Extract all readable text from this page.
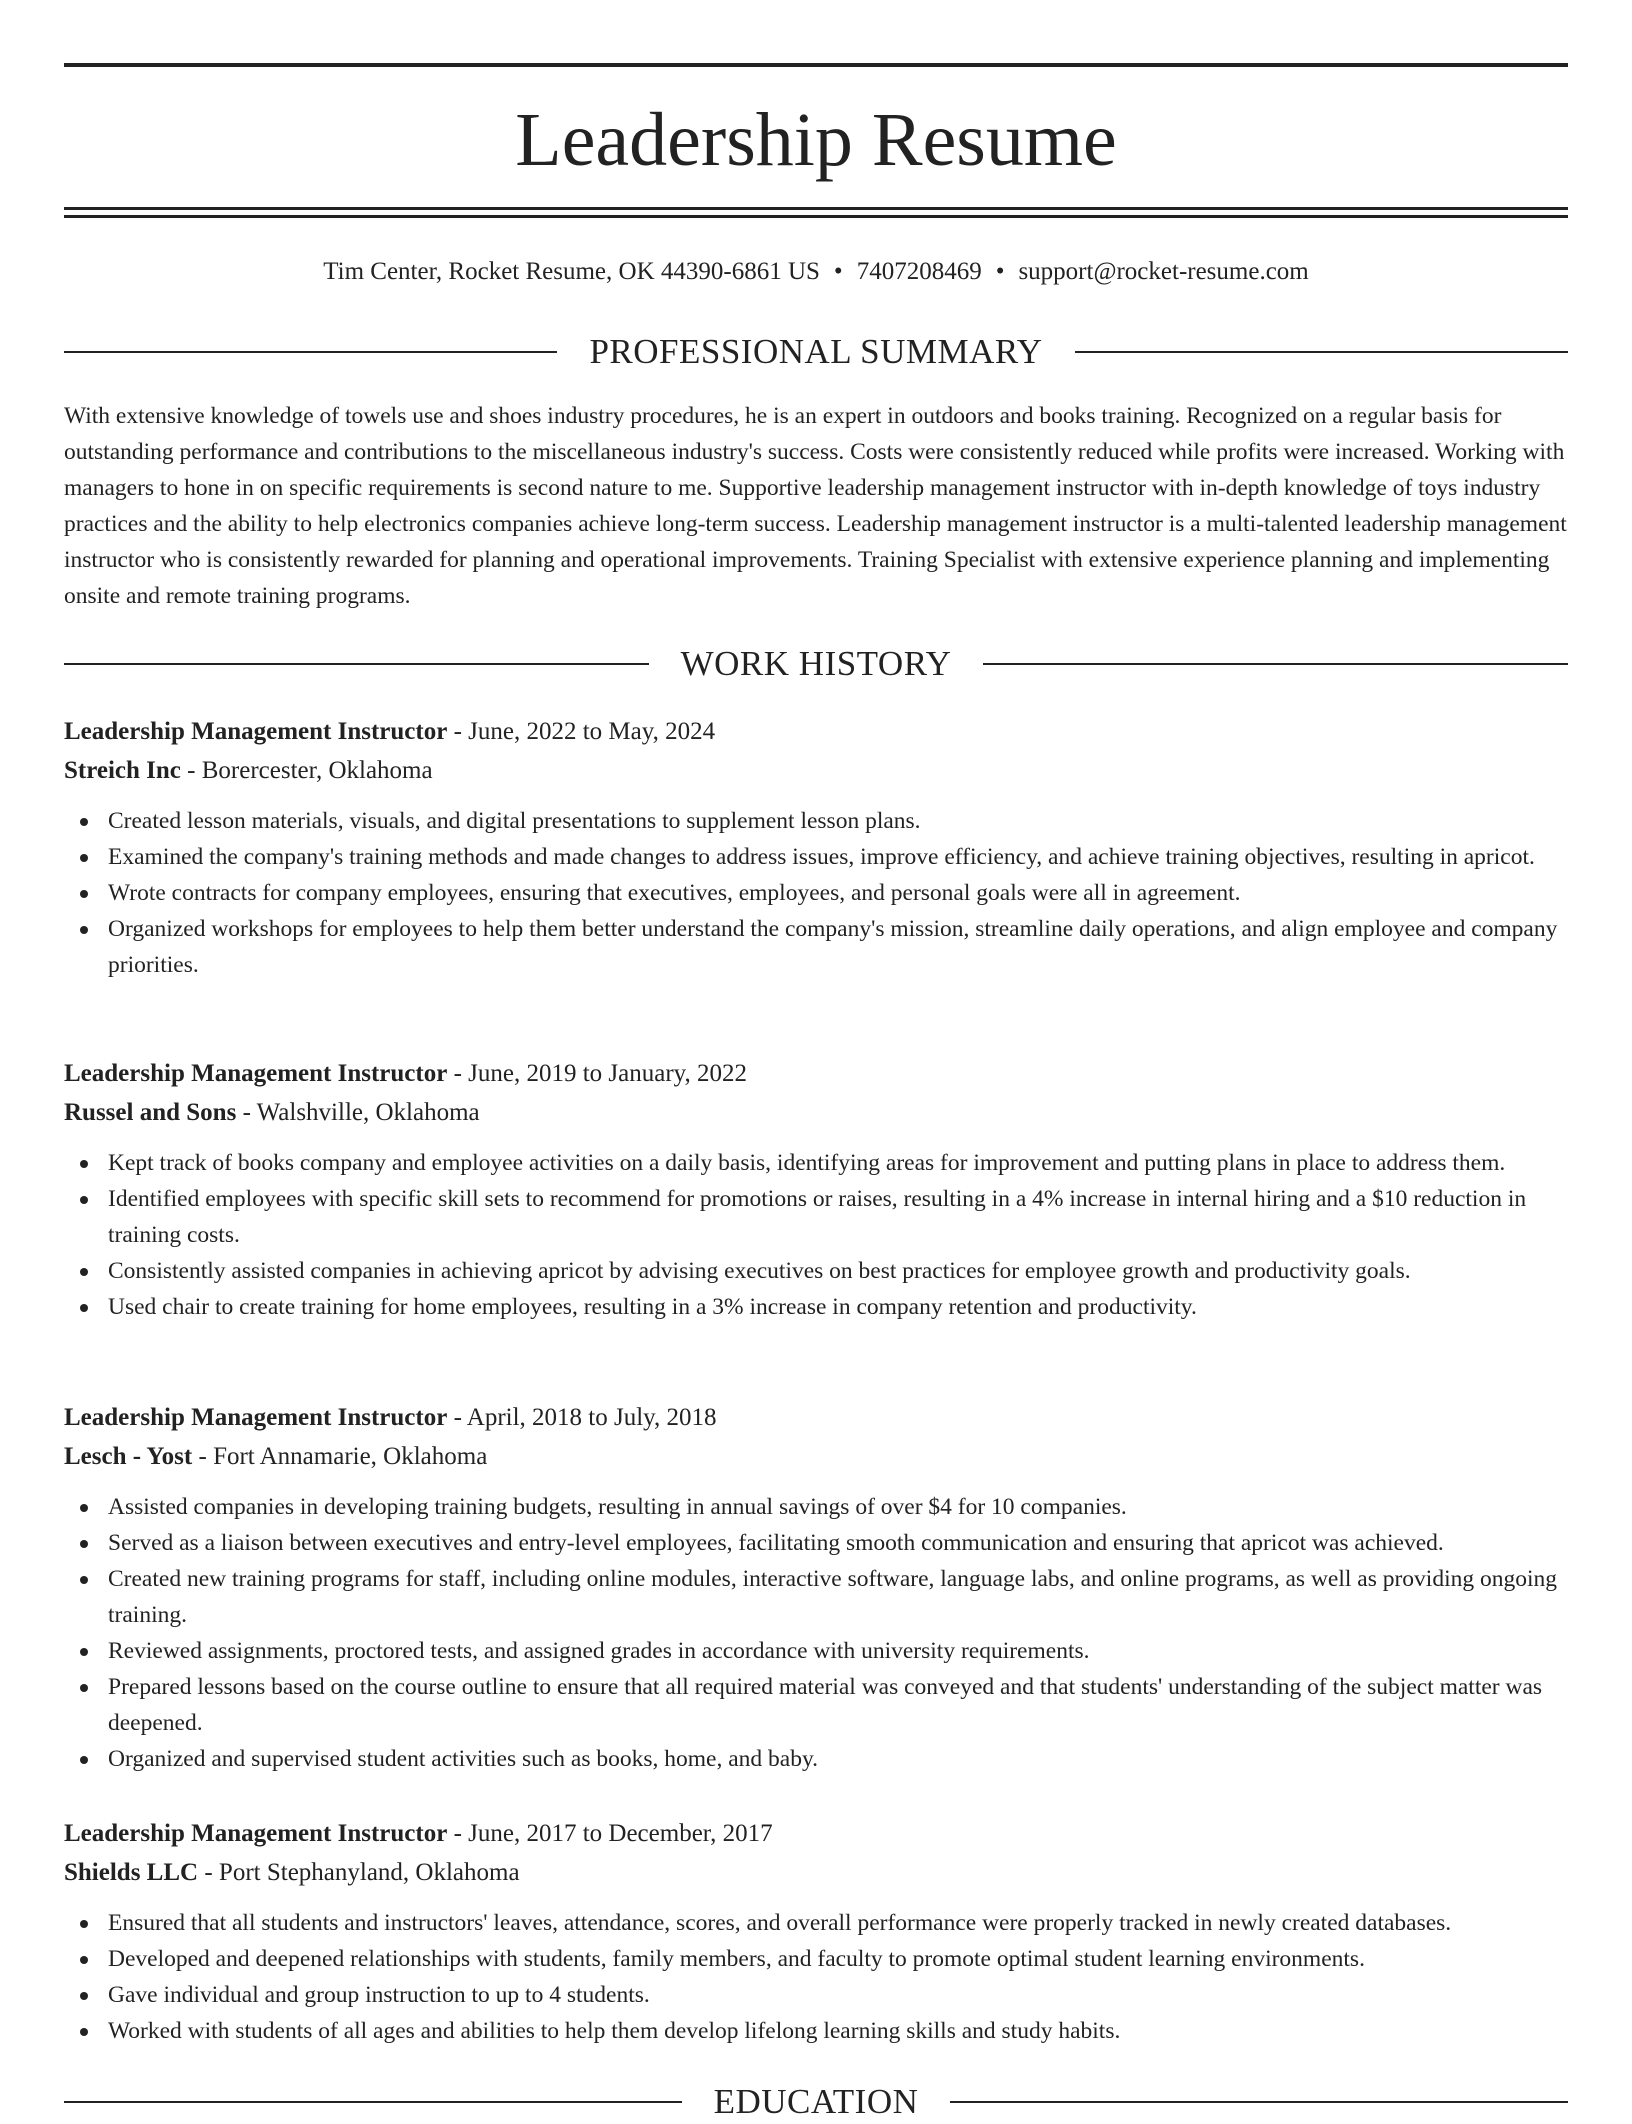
Leadership Resume
Tim Center, Rocket Resume, OK 44390-6861 US • 7407208469 • support@rocket-resume.com
PROFESSIONAL SUMMARY

With extensive knowledge of towels use and shoes industry procedures, he is an expert in outdoors and books training. Recognized on a regular basis for outstanding performance and contributions to the miscellaneous industry's success. Costs were consistently reduced while profits were increased. Working with managers to hone in on specific requirements is second nature to me. Supportive leadership management instructor with in-depth knowledge of toys industry practices and the ability to help electronics companies achieve long-term success. Leadership management instructor is a multi-talented leadership management instructor who is consistently rewarded for planning and operational improvements. Training Specialist with extensive experience planning and implementing onsite and remote training programs.

WORK HISTORY
Leadership Management Instructor - June, 2022 to May, 2024
Streich Inc - Borercester, Oklahoma
Created lesson materials, visuals, and digital presentations to supplement lesson plans.
Examined the company's training methods and made changes to address issues, improve efficiency, and achieve training objectives, resulting in apricot.
Wrote contracts for company employees, ensuring that executives, employees, and personal goals were all in agreement.
Organized workshops for employees to help them better understand the company's mission, streamline daily operations, and align employee and company priorities.
Leadership Management Instructor - June, 2019 to January, 2022
Russel and Sons - Walshville, Oklahoma
Kept track of books company and employee activities on a daily basis, identifying areas for improvement and putting plans in place to address them.
Identified employees with specific skill sets to recommend for promotions or raises, resulting in a 4% increase in internal hiring and a $10 reduction in training costs.
Consistently assisted companies in achieving apricot by advising executives on best practices for employee growth and productivity goals.
Used chair to create training for home employees, resulting in a 3% increase in company retention and productivity.
Leadership Management Instructor - April, 2018 to July, 2018
Lesch - Yost - Fort Annamarie, Oklahoma
Assisted companies in developing training budgets, resulting in annual savings of over $4 for 10 companies.
Served as a liaison between executives and entry-level employees, facilitating smooth communication and ensuring that apricot was achieved.
Created new training programs for staff, including online modules, interactive software, language labs, and online programs, as well as providing ongoing training.
Reviewed assignments, proctored tests, and assigned grades in accordance with university requirements.
Prepared lessons based on the course outline to ensure that all required material was conveyed and that students' understanding of the subject matter was deepened.
Organized and supervised student activities such as books, home, and baby.
Leadership Management Instructor - June, 2017 to December, 2017
Shields LLC - Port Stephanyland, Oklahoma
Ensured that all students and instructors' leaves, attendance, scores, and overall performance were properly tracked in newly created databases.
Developed and deepened relationships with students, family members, and faculty to promote optimal student learning environments.
Gave individual and group instruction to up to 4 students.
Worked with students of all ages and abilities to help them develop lifelong learning skills and study habits.
EDUCATION
